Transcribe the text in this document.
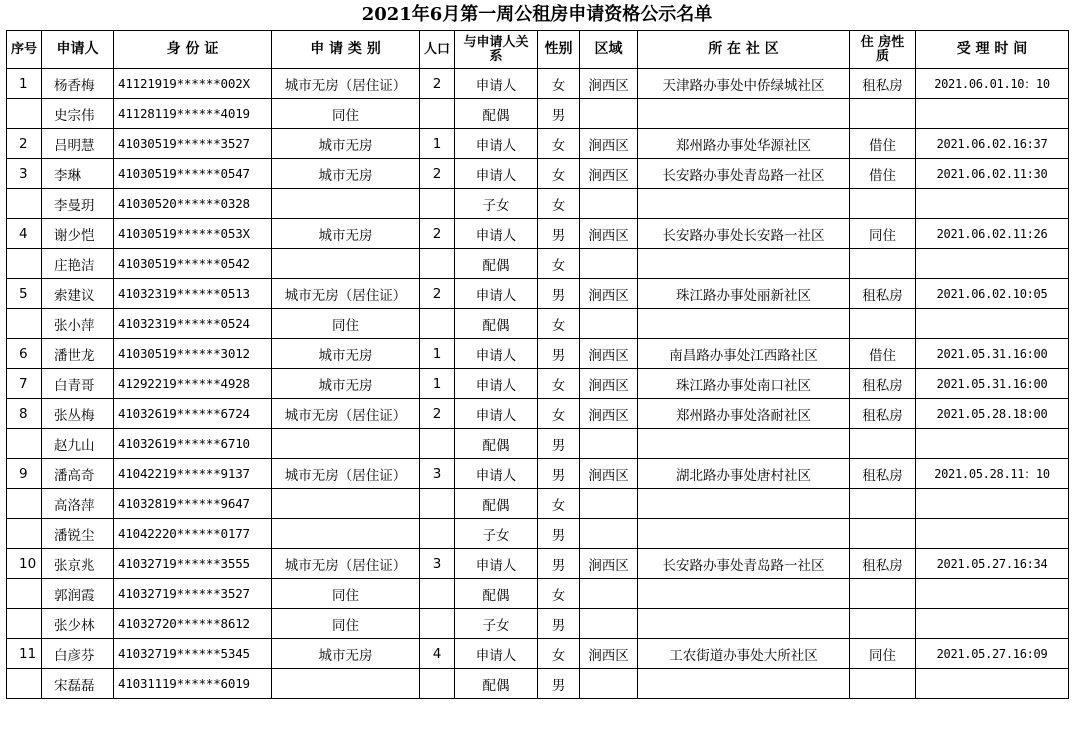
2021年6月第一周公租房申请资格公示名单
序号	申请人	身 份 证	申 请 类 别	人口	与申请人关　系	性别	区域	所 在 社 区	住 房性 质	受 理 时 间
1	杨香梅	41121919******002X	城市无房（居住证）	2	申请人	女	涧西区	天津路办事处中侨绿城社区	租私房	2021.06.01.10：10
	史宗伟	41128119******4019	同住		配偶	男				
2	吕明慧	41030519******3527	城市无房	1	申请人	女	涧西区	郑州路办事处华源社区	借住	2021.06.02.16:37
3	李琳	41030519******0547	城市无房	2	申请人	女	涧西区	长安路办事处青岛路一社区	借住	2021.06.02.11:30
	李曼玥	41030520******0328			子女	女				
4	谢少恺	41030519******053X	城市无房	2	申请人	男	涧西区	长安路办事处长安路一社区	同住	2021.06.02.11:26
	庄艳洁	41030519******0542			配偶	女				
5	索建议	41032319******0513	城市无房（居住证）	2	申请人	男	涧西区	珠江路办事处丽新社区	租私房	2021.06.02.10:05
	张小萍	41032319******0524	同住		配偶	女				
6	潘世龙	41030519******3012	城市无房	1	申请人	男	涧西区	南昌路办事处江西路社区	借住	2021.05.31.16:00
7	白青哥	41292219******4928	城市无房	1	申请人	女	涧西区	珠江路办事处南口社区	租私房	2021.05.31.16:00
8	张丛梅	41032619******6724	城市无房（居住证）	2	申请人	女	涧西区	郑州路办事处洛耐社区	租私房	2021.05.28.18:00
	赵九山	41032619******6710			配偶	男				
9	潘高奇	41042219******9137	城市无房（居住证）	3	申请人	男	涧西区	湖北路办事处唐村社区	租私房	2021.05.28.11：10
	高洛萍	41032819******9647			配偶	女				
	潘锐尘	41042220******0177			子女	男				
10	张京兆	41032719******3555	城市无房（居住证）	3	申请人	男	涧西区	长安路办事处青岛路一社区	租私房	2021.05.27.16:34
	郭润霞	41032719******3527	同住		配偶	女				
	张少林	41032720******8612	同住		子女	男				
11	白彦芬	41032719******5345	城市无房	4	申请人	女	涧西区	工农街道办事处大所社区	同住	2021.05.27.16:09
	宋磊磊	41031119******6019			配偶	男				
